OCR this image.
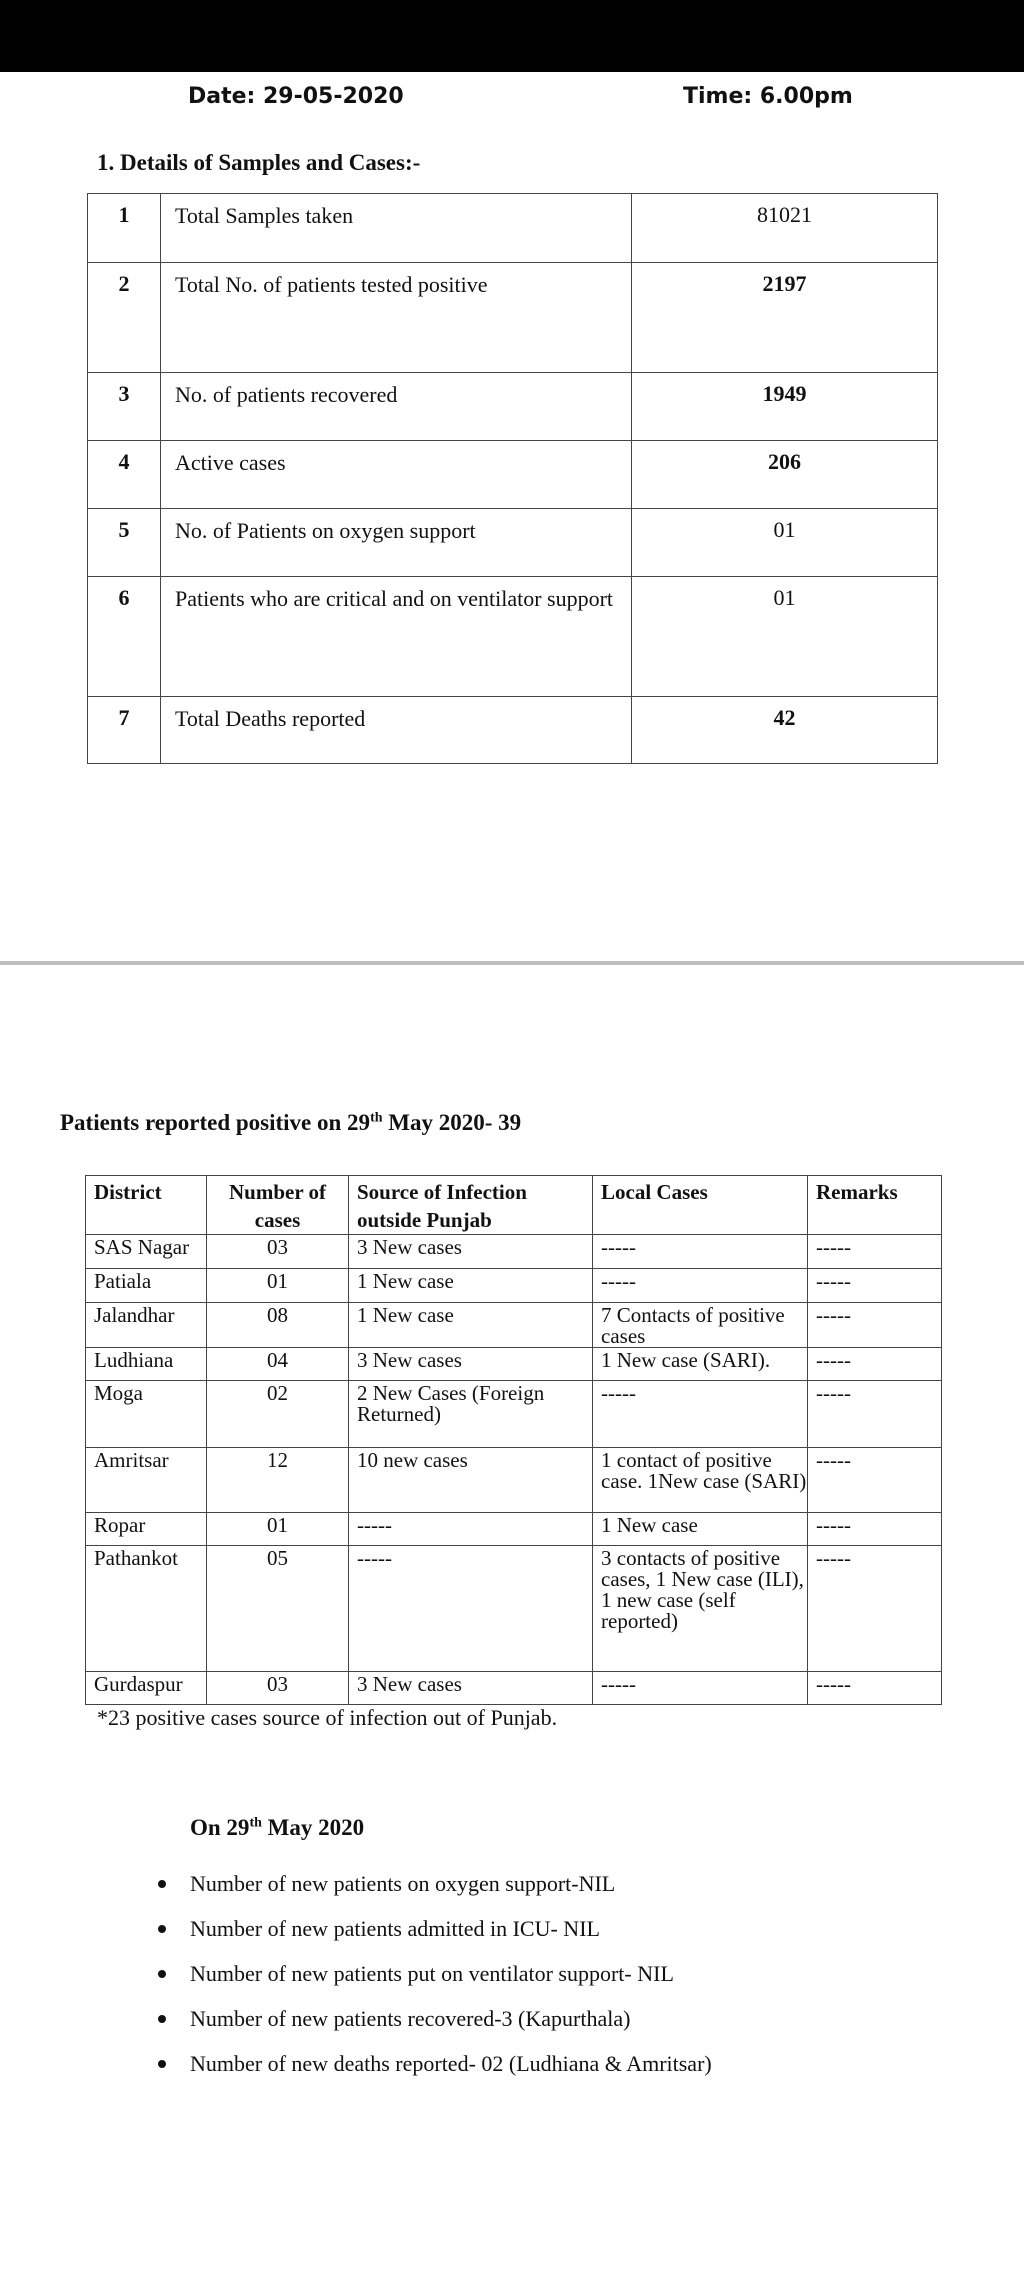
Date: 29-05-2020	Time: 6.00pm
1. Details of Samples and Cases:-
1	Total Samples taken	81021
2	Total No. of patients tested positive	2197
3	No. of patients recovered	1949
4	Active cases	206
5	No. of Patients on oxygen support	01
6	Patients who are critical and on ventilator support	01
7	Total Deaths reported	42
Patients reported positive on 29th May 2020- 39
District	Number of cases	Source of Infection outside Punjab	Local Cases	Remarks
SAS Nagar	03	3 New cases	-----	-----
Patiala	01	1 New case	-----	-----
Jalandhar	08	1 New case	7 Contacts of positive cases	-----
Ludhiana	04	3 New cases	1 New case (SARI).	-----
Moga	02	2 New Cases (Foreign Returned)	-----	-----
Amritsar	12	10 new cases	1 contact of positive case. 1New case (SARI)	-----
Ropar	01	-----	1 New case	-----
Pathankot	05	-----	3 contacts of positive cases, 1 New case (ILI), 1 new case (self reported)	-----
Gurdaspur	03	3 New cases	-----	-----
*23 positive cases source of infection out of Punjab.
On 29th May 2020
Number of new patients on oxygen support-NIL
Number of new patients admitted in ICU- NIL
Number of new patients put on ventilator support- NIL
Number of new patients recovered-3 (Kapurthala)
Number of new deaths reported- 02 (Ludhiana & Amritsar)
